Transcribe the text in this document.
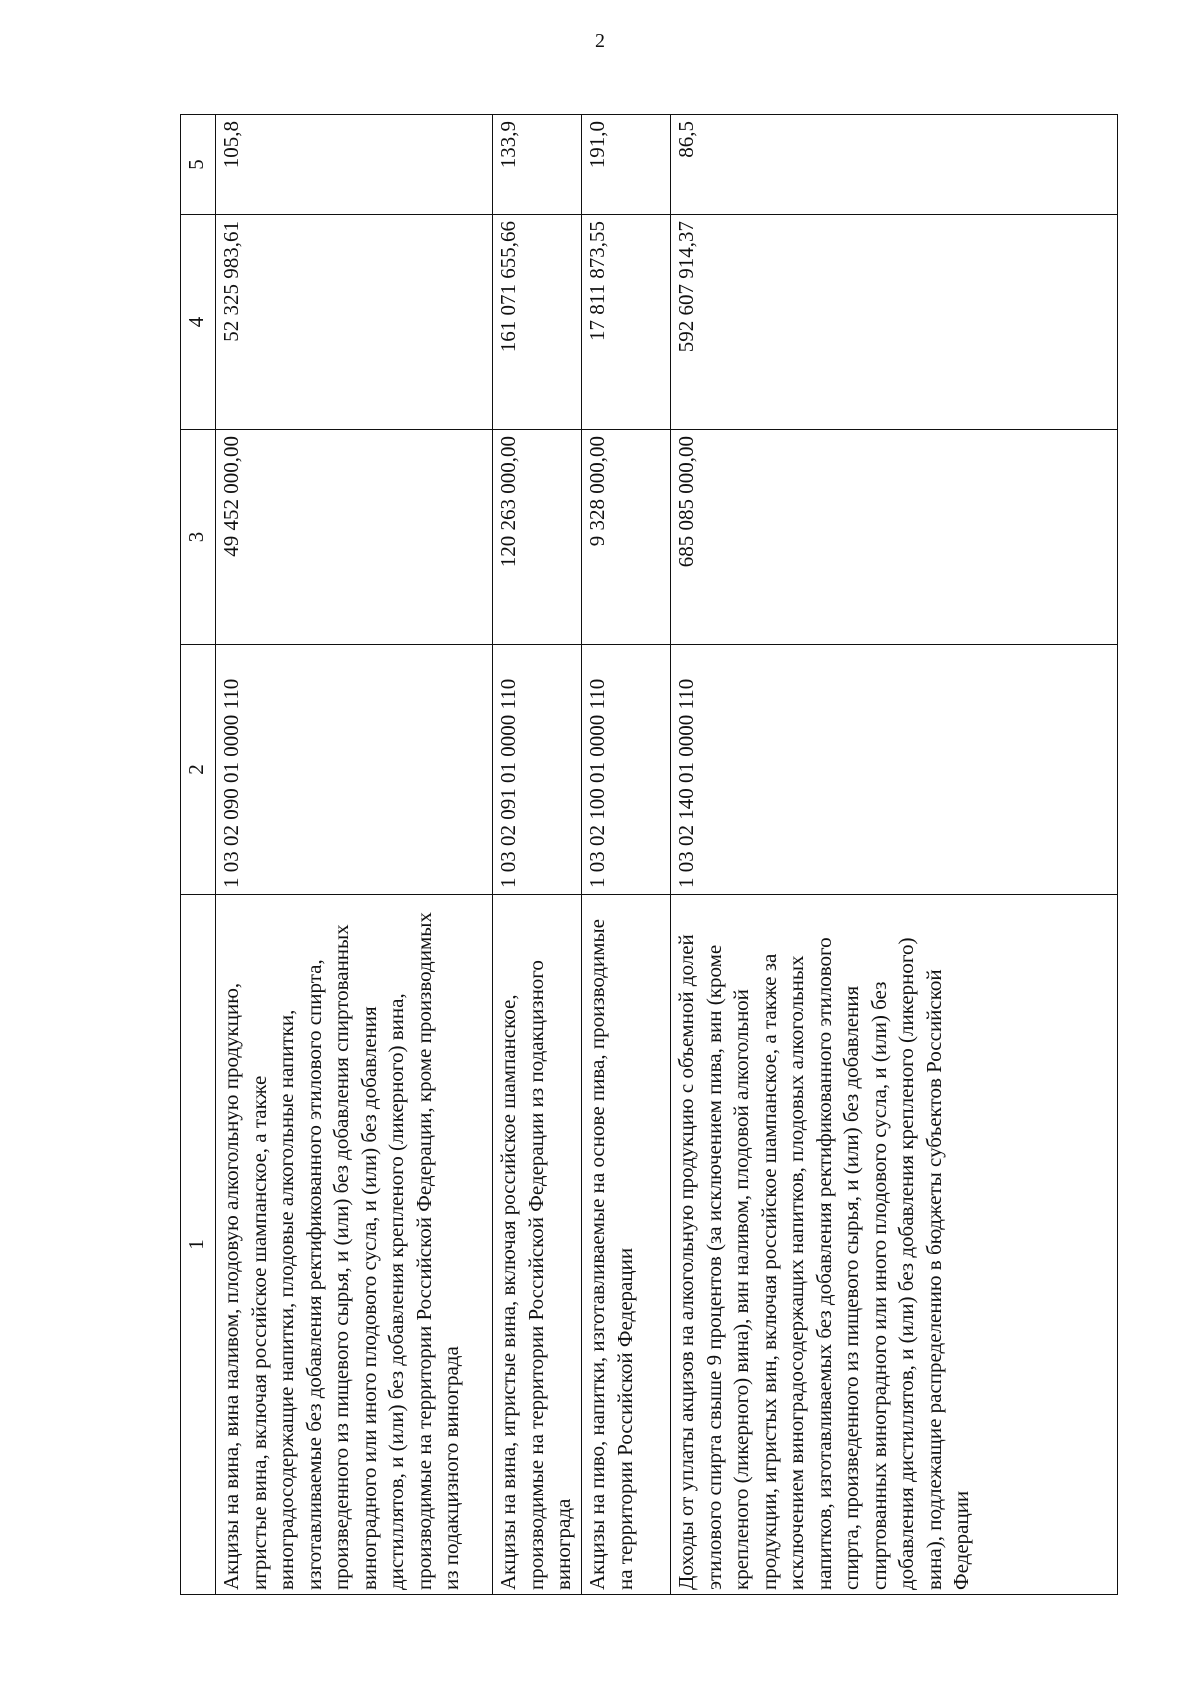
2
1	2	3	4	5
Акцизы на вина, вина наливом, плодовую алкогольную продукцию, игристые вина, включая российское шампанское, а также виноградосодержащие напитки, плодовые алкогольные напитки, изготавливаемые без добавления ректификованного этилового спирта, произведенного из пищевого сырья, и (или) без добавления спиртованных виноградного или иного плодового сусла, и (или) без добавления дистиллятов, и (или) без добавления крепленого (ликерного) вина, производимые на территории Российской Федерации, кроме производимых из подакцизного винограда	1 03 02 090 01 0000 110	49 452 000,00	52 325 983,61	105,8
Акцизы на вина, игристые вина, включая российское шампанское, производимые на территории Российской Федерации из подакцизного винограда	1 03 02 091 01 0000 110	120 263 000,00	161 071 655,66	133,9
Акцизы на пиво, напитки, изготавливаемые на основе пива, производимые на территории Российской Федерации	1 03 02 100 01 0000 110	9 328 000,00	17 811 873,55	191,0
Доходы от уплаты акцизов на алкогольную продукцию с объемной долей этилового спирта свыше 9 процентов (за исключением пива, вин (кроме крепленого (ликерного) вина), вин наливом, плодовой алкогольной продукции, игристых вин, включая российское шампанское, а также за исключением виноградосодержащих напитков, плодовых алкогольных напитков, изготавливаемых без добавления ректификованного этилового спирта, произведенного из пищевого сырья, и (или) без добавления спиртованных виноградного или иного плодового сусла, и (или) без добавления дистиллятов, и (или) без добавления крепленого (ликерного) вина), подлежащие распределению в бюджеты субъектов Российской Федерации	1 03 02 140 01 0000 110	685 085 000,00	592 607 914,37	86,5
